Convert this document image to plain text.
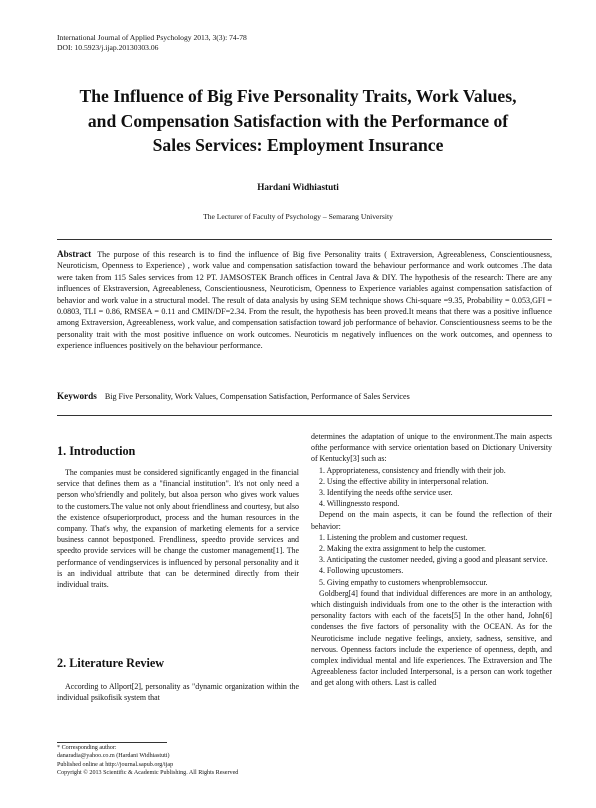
International Journal of Applied Psychology 2013, 3(3): 74-78
DOI: 10.5923/j.ijap.20130303.06
The Influence of Big Five Personality Traits, Work Values,
and Compensation Satisfaction with the Performance of
Sales Services: Employment Insurance
Hardani Widhiastuti
The Lecturer of Faculty of Psychology – Semarang University
Abstract The purpose of this research is to find the influence of Big five Personality traits ( Extraversion, Agreeableness, Conscientiousness, Neuroticism, Openness to Experience) , work value and compensation satisfaction toward the behaviour performance and work outcomes .The data were taken from 115 Sales services from 12 PT. JAMSOSTEK Branch offices in Central Java & DIY. The hypothesis of the research: There are any influences of Ekstraversion, Agreeableness, Conscientiousness, Neuroticism, Openness to Experience variables against compensation satisfaction of behavior and work value in a structural model. The result of data analysis by using SEM technique shows Chi-square =9.35, Probability = 0.053,GFI = 0.0803, TLI = 0.86, RMSEA = 0.11 and CMIN/DF=2.34. From the result, the hypothesis has been proved.It means that there was a positive influence among Extraversion, Agreeableness, work value, and compensation satisfaction toward job performance of behavior. Conscientiousness seems to be the personality trait with the most positive influence on work outcomes. Neuroticis m negatively influences on the work outcomes, and openness to experience influences positively on the behaviour performance.
Keywords Big Five Personality, Work Values, Compensation Satisfaction, Performance of Sales Services
1. Introduction

The companies must be considered significantly engaged in the financial service that defines them as a "financial institution". It's not only need a person who'sfriendly and politely, but alsoa person who gives work values to the customers.The value not only about friendliness and courtesy, but also the existence ofsuperiorproduct, process and the human resources in the company. That's why, the expansion of marketing elements for a service business cannot bepostponed. Frendliness, speedto provide services and speedto provide services will be change the customer management[1]. The performance of vendingservices is influenced by personal personality and it is an individual attribute that can be determined directly from their individual traits.

2. Literature Review

According to Allport[2], personality as "dynamic organization within the individual psikofisik system that

* Corresponding author:
danaradia@yahoo.co.m (Hardani Widhiastuti)
Published online at http://journal.sapub.org/ijap
Copyright © 2013 Scientific & Academic Publishing. All Rights Reserved

determines the adaptation of unique to the environment.The main aspects ofthe performance with service orientation based on Dictionary University of Kentucky[3] such as:

1. Appropriateness, consistency and friendly with their job.

2. Using the effective ability in interpersonal relation.

3. Identifying the needs ofthe service user.

4. Willingnessto respond.

Depend on the main aspects, it can be found the reflection of their behavior:

1. Listening the problem and customer request.

2. Making the extra assignment to help the customer.

3. Anticipating the customer needed, giving a good and pleasant service.

4. Following upcustomers.

5. Giving empathy to customers whenproblemsoccur.

Goldberg[4] found that individual differences are more in an anthology, which distinguish individuals from one to the other is the interaction with personality factors with each of the facets[5] In the other hand, John[6] condenses the five factors of personality with the OCEAN. As for the Neuroticisme include negative feelings, anxiety, sadness, sensitive, and nervous. Openness factors include the experience of openness, depth, and complex individual mental and life experiences. The Extraversion and The Agreeableness factor included Interpersonal, is a person can work together and get along with others. Last is called
